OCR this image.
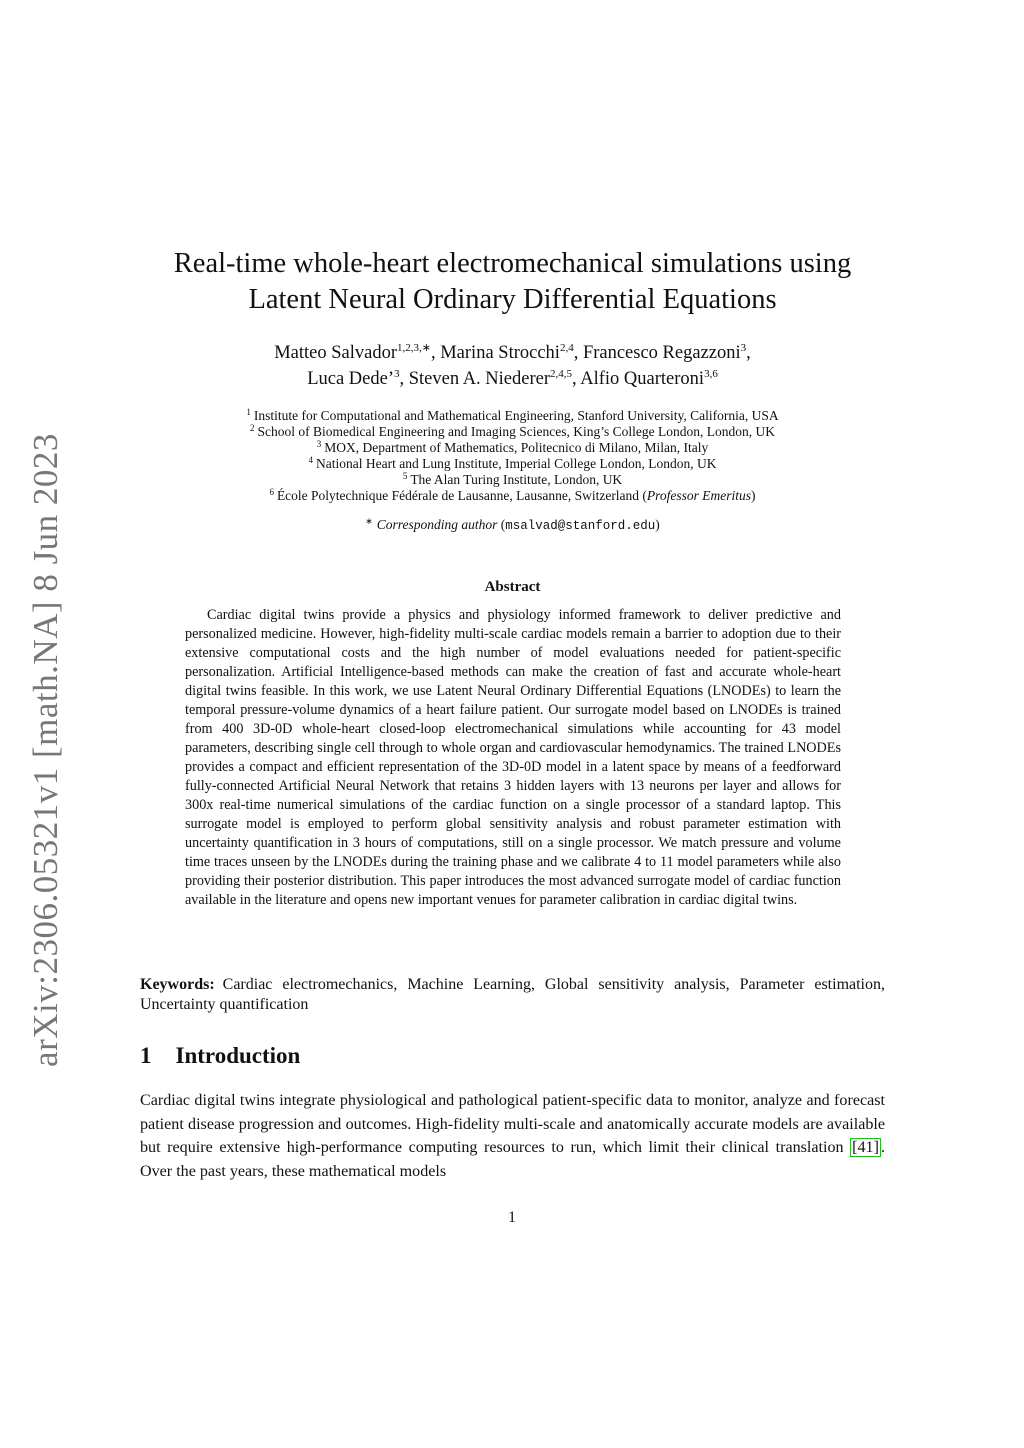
arXiv:2306.05321v1 [math.NA] 8 Jun 2023
Real-time whole-heart electromechanical simulations using
Latent Neural Ordinary Differential Equations
Matteo Salvador$^{1,2,3,∗}$, Marina Strocchi$^{2,4}$, Francesco Regazzoni$^3$,
Luca Dede’$^3$, Steven A. Niederer$^{2,4,5}$, Alfio Quarteroni$^{3,6}$
$^1$ Institute for Computational and Mathematical Engineering, Stanford University, California, USA
$^2$ School of Biomedical Engineering and Imaging Sciences, King’s College London, London, UK
$^3$ MOX, Department of Mathematics, Politecnico di Milano, Milan, Italy
$^4$ National Heart and Lung Institute, Imperial College London, London, UK
$^5$ The Alan Turing Institute, London, UK
$^6$ École Polytechnique Fédérale de Lausanne, Lausanne, Switzerland (Professor Emeritus)
∗ Corresponding author (msalvad@stanford.edu)
Abstract
Cardiac digital twins provide a physics and physiology informed framework to deliver predictive and personalized medicine. However, high-fidelity multi-scale cardiac models remain a barrier to adoption due to their extensive computational costs and the high number of model evaluations needed for patient-specific personalization. Artificial Intelligence-based methods can make the creation of fast and accurate whole-heart digital twins feasible. In this work, we use Latent Neural Ordinary Differential Equations (LNODEs) to learn the temporal pressure-volume dynamics of a heart failure patient. Our surrogate model based on LNODEs is trained from 400 3D-0D whole-heart closed-loop electromechanical simulations while accounting for 43 model parameters, describing single cell through to whole organ and cardiovascular hemodynamics. The trained LNODEs provides a compact and efficient representation of the 3D-0D model in a latent space by means of a feedforward fully-connected Artificial Neural Network that retains 3 hidden layers with 13 neurons per layer and allows for 300x real-time numerical simulations of the cardiac function on a single processor of a standard laptop. This surrogate model is employed to perform global sensitivity analysis and robust parameter estimation with uncertainty quantification in 3 hours of computations, still on a single processor. We match pressure and volume time traces unseen by the LNODEs during the training phase and we calibrate 4 to 11 model parameters while also providing their posterior distribution. This paper introduces the most advanced surrogate model of cardiac function available in the literature and opens new important venues for parameter calibration in cardiac digital twins.
Keywords: Cardiac electromechanics, Machine Learning, Global sensitivity analysis, Parameter estimation, Uncertainty quantification
1 Introduction
Cardiac digital twins integrate physiological and pathological patient-specific data to monitor, analyze and forecast patient disease progression and outcomes. High-fidelity multi-scale and anatomically accurate models are available but require extensive high-performance computing resources to run, which limit their clinical translation [41] . Over the past years, these mathematical models
1
